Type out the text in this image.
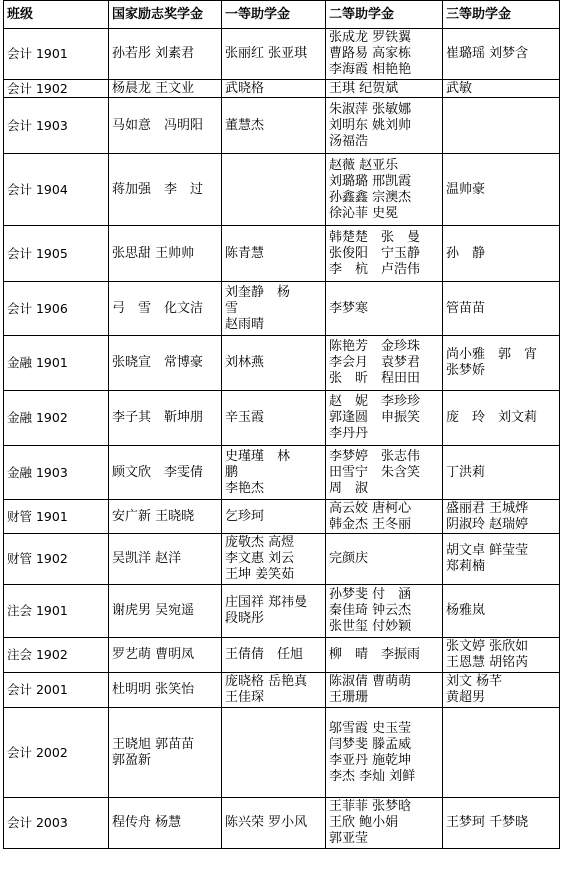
班级	国家励志奖学金	一等助学金	二等助学金	三等助学金
会计 1901	孙若彤 刘素君	张丽红 张亚琪	张成龙 罗铁翼
曹路易 高家栋
李海霞 相艳艳	崔璐瑶 刘梦含

会计 1902	杨晨龙 王文业	武晓格	王琪 纪贺斌	武敏

会计 1903	马如意　冯明阳	董慧杰	朱淑萍 张敏娜
刘明东 姚刘帅
汤福浩	

会计 1904	蒋加强　李　过		赵薇 赵亚乐
刘璐璐 邢凯霞
孙鑫鑫 宗澳杰
徐沁菲 史冕	温帅豪

会计 1905	张思甜 王帅帅	陈青慧	韩楚楚　张　曼
张俊阳　宁玉静
李　杭　卢浩伟	孙　静

会计 1906	弓　雪　化文洁	刘奎静　杨
雪
赵雨晴	李梦寒	管苗苗

金融 1901	张晓宣　常博豪	刘林燕	陈艳芳　金珍珠
李会月　袁梦君
张　昕　程田田	尚小雅　郭　宵
张梦娇

金融 1902	李子其　靳坤朋	辛玉霞	赵　妮　李珍珍
郭逢圆　申振笑
李丹丹	庞　玲　刘文莉

金融 1903	顾文欣　李雯倩	史瑾瑾　林
鹏
李艳杰	李梦婷　张志伟
田雪宁　朱含笑
周　淑	丁洪莉

财管 1901	安广新 王晓晓	乞珍珂	高云姣 唐柯心
韩金杰 王冬丽	盛丽君 王城烨
阴淑玲 赵瑞婷

财管 1902	吴凯洋 赵洋	庞敬杰 高煜
李文惠 刘云
王坤 姜笑茹	完颜庆	胡文卓 鲜莹莹
郑莉楠

注会 1901	谢虎男 吴宛遥	庄国祥 郑祎曼
段晓彤	孙梦斐 付　涵
秦佳琦 钟云杰
张世玺 付妙颖	杨雅岚

注会 1902	罗艺萌 曹明凤	王倩倩　任旭	柳　晴　李振雨	张文婷 张欣如
王恩慧 胡铭芮

会计 2001	杜明明 张笑怡	庞晓格 岳艳真
王佳琛	陈淑倩 曹萌萌
王珊珊	刘文 杨芊
黄超男

会计 2002	王晓旭 郭苗苗
郭盈新		邬雪霞 史玉莹
闫梦斐 滕孟威
李亚丹 施乾坤
李杰 李灿 刘鲜	

会计 2003	程传舟 杨慧	陈兴荣 罗小风	王菲菲 张梦晗
王欣 鲍小娟
郭亚莹	王梦珂 千梦晓
